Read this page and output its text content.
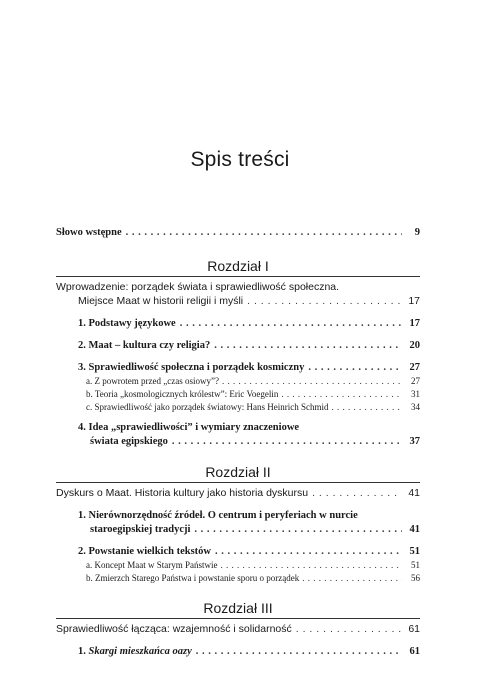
Spis treści
Słowo wstępne . . .	9
Rozdział I
Wprowadzenie: porządek świata i sprawiedliwość społeczna.
Miejsce Maat w historii religii i myśli . . .	17
1. Podstawy językowe . . .	17
2. Maat – kultura czy religia? . . .	20
3. Sprawiedliwość społeczna i porządek kosmiczny . . .	27
a. Z powrotem przed „czas osiowy”? . . .	27
b. Teoria „kosmologicznych królestw”: Eric Voegelin . . .	31
c. Sprawiedliwość jako porządek światowy: Hans Heinrich Schmid . . .	34
4. Idea „sprawiedliwości” i wymiary znaczeniowe
świata egipskiego . . .	37
Rozdział II
Dyskurs o Maat. Historia kultury jako historia dyskursu . . .	41
1. Nierównorzędność źródeł. O centrum i peryferiach w nurcie
staroegipskiej tradycji . . .	41
2. Powstanie wielkich tekstów . . .	51
a. Koncept Maat w Starym Państwie . . .	51
b. Zmierzch Starego Państwa i powstanie sporu o porządek . . .	56
Rozdział III
Sprawiedliwość łącząca: wzajemność i solidarność . . .	61
1. Skargi mieszkańca oazy . . .	61
